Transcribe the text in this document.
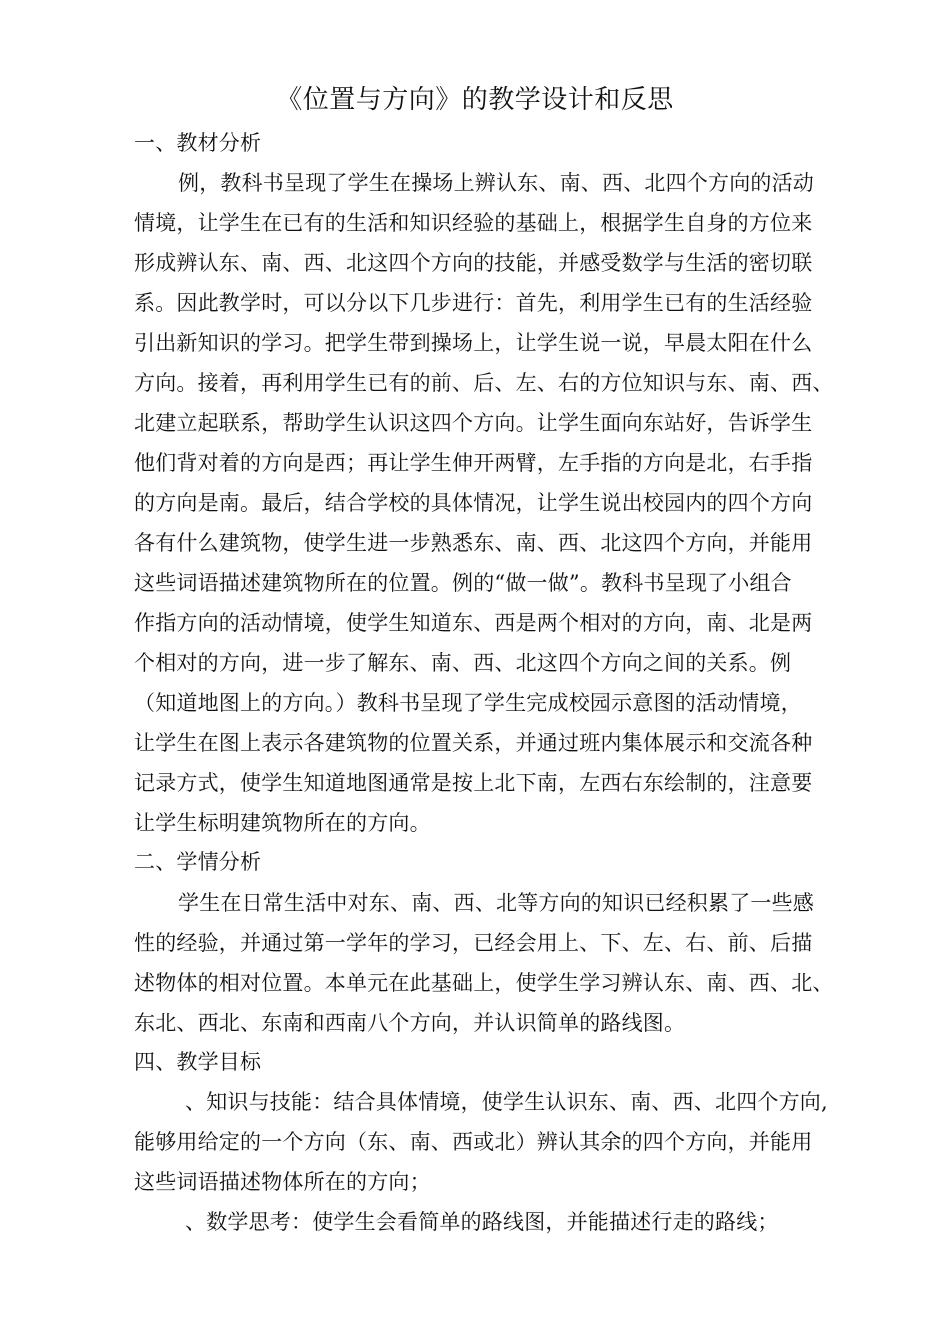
《位置与方向》的教学设计和反思
一、教材分析
例，教科书呈现了学生在操场上辨认东、南、西、北四个方向的活动
情境，让学生在已有的生活和知识经验的基础上，根据学生自身的方位来
形成辨认东、南、西、北这四个方向的技能，并感受数学与生活的密切联
系。因此教学时，可以分以下几步进行：首先，利用学生已有的生活经验
引出新知识的学习。把学生带到操场上，让学生说一说，早晨太阳在什么
方向。接着，再利用学生已有的前、后、左、右的方位知识与东、南、西、
北建立起联系，帮助学生认识这四个方向。让学生面向东站好，告诉学生
他们背对着的方向是西；再让学生伸开两臂，左手指的方向是北，右手指
的方向是南。最后，结合学校的具体情况，让学生说出校园内的四个方向
各有什么建筑物，使学生进一步熟悉东、南、西、北这四个方向，并能用
这些词语描述建筑物所在的位置。例的“做一做”。教科书呈现了小组合
作指方向的活动情境，使学生知道东、西是两个相对的方向，南、北是两
个相对的方向，进一步了解东、南、西、北这四个方向之间的关系。例
（知道地图上的方向。）教科书呈现了学生完成校园示意图的活动情境，
让学生在图上表示各建筑物的位置关系，并通过班内集体展示和交流各种
记录方式，使学生知道地图通常是按上北下南，左西右东绘制的，注意要
让学生标明建筑物所在的方向。
二、学情分析
学生在日常生活中对东、南、西、北等方向的知识已经积累了一些感
性的经验，并通过第一学年的学习，已经会用上、下、左、右、前、后描
述物体的相对位置。本单元在此基础上，使学生学习辨认东、南、西、北、
东北、西北、东南和西南八个方向，并认识简单的路线图。
四、教学目标
、知识与技能：结合具体情境，使学生认识东、南、西、北四个方向,
能够用给定的一个方向（东、南、西或北）辨认其余的四个方向，并能用
这些词语描述物体所在的方向；
、数学思考：使学生会看简单的路线图，并能描述行走的路线；
